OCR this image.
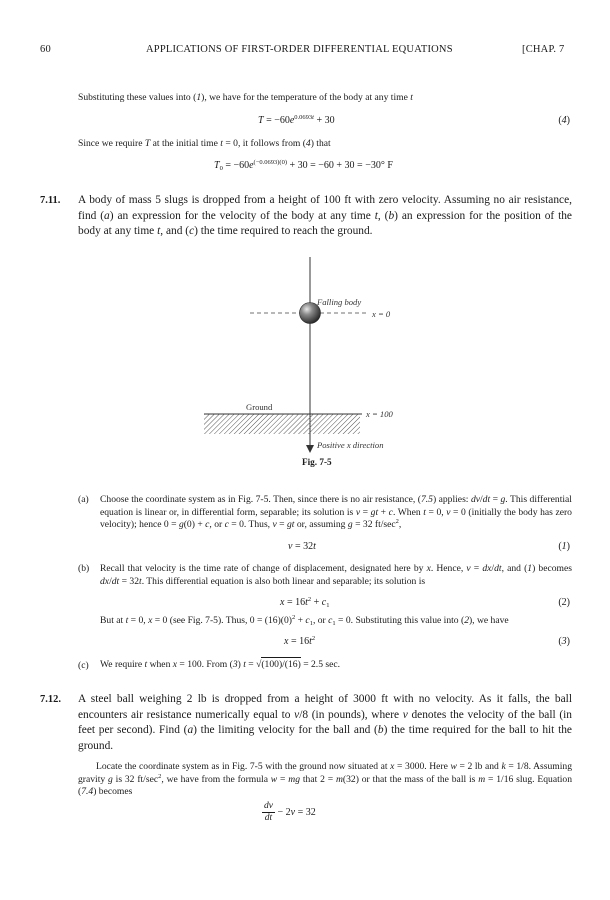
60	APPLICATIONS OF FIRST-ORDER DIFFERENTIAL EQUATIONS	[CHAP. 7
Substituting these values into (1), we have for the temperature of the body at any time t
$T = -60e^{0.0693t} + 30$	(4)
Since we require T at the initial time t = 0, it follows from (4) that
$T_0 = -60e^{(-0.0693)(0)} + 30 = -60 + 30 = -30^\circ$ F
7.11. A body of mass 5 slugs is dropped from a height of 100 ft with zero velocity. Assuming no air resistance, find (a) an expression for the velocity of the body at any time t, (b) an expression for the position of the body at any time t, and (c) the time required to reach the ground.
Falling body
x = 0
Ground
x = 100
Positive x direction
Fig. 7-5
(a) Choose the coordinate system as in Fig. 7-5. Then, since there is no air resistance, (7.5) applies: dv/dt = g. This differential equation is linear or, in differential form, separable; its solution is v = gt + c. When t = 0, v = 0 (initially the body has zero velocity); hence 0 = g(0) + c, or c = 0. Thus, v = gt or, assuming g = 32 $ft/\sec^2$,
v = 32t	(1)
(b) Recall that velocity is the time rate of change of displacement, designated here by x. Hence, v = dx/dt, and (1) becomes dx/dt = 32t. This differential equation is also both linear and separable; its solution is
$x = 16t^2 + c_1$	(2)
But at t = 0, x = 0 (see Fig. 7-5). Thus, $0 = (16)(0)^2 + c_1$, or $c_1 = 0$. Substituting this value into (2), we have
$x = 16t^2$	(3)
(c) We require t when x = 100. From (3) t = √(100)/(16) = 2.5 sec.
7.12. A steel ball weighing 2 lb is dropped from a height of 3000 ft with no velocity. As it falls, the ball encounters air resistance numerically equal to v/8 (in pounds), where v denotes the velocity of the ball (in feet per second). Find (a) the limiting velocity for the ball and (b) the time required for the ball to hit the ground.
Locate the coordinate system as in Fig. 7-5 with the ground now situated at x = 3000. Here w = 2 lb and k = 1/8. Assuming gravity g is 32 $ft/\sec^2$, we have from the formula w = mg that 2 = m(32) or that the mass of the ball is m = 1/16 slug. Equation (7.4) becomes
$\frac{dv}{dt} - 2v = 32$
